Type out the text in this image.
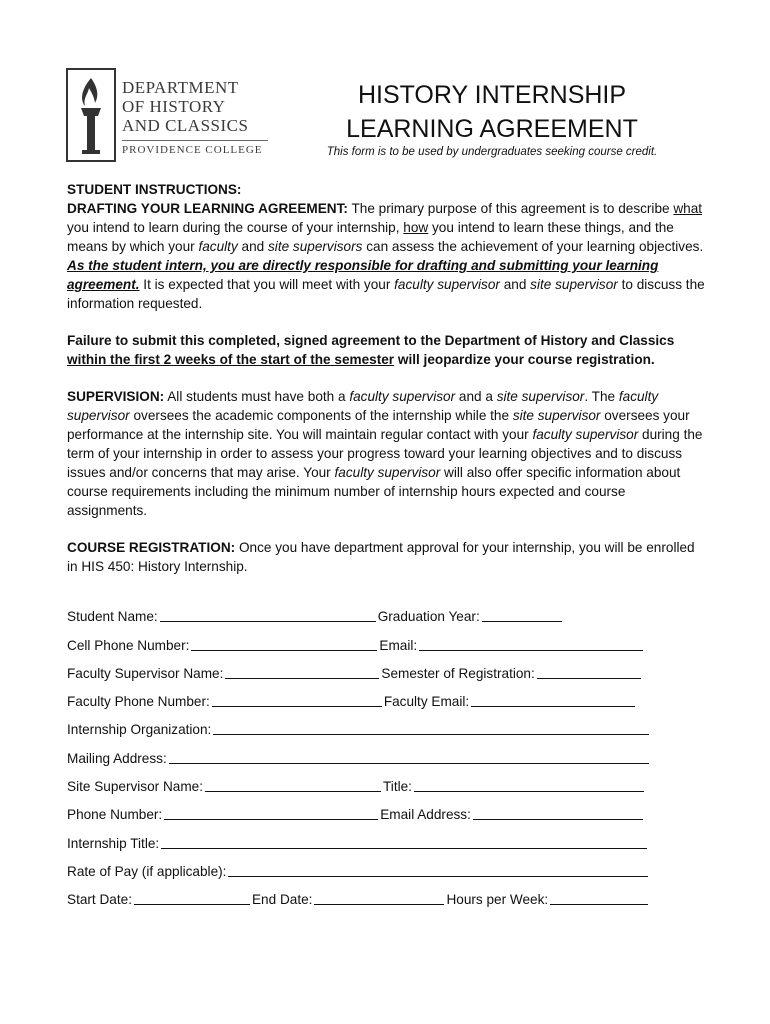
DEPARTMENT
OF HISTORY
AND CLASSICS
PROVIDENCE COLLEGE
HISTORY INTERNSHIP
LEARNING AGREEMENT
This form is to be used by undergraduates seeking course credit.

STUDENT INSTRUCTIONS:
DRAFTING YOUR LEARNING AGREEMENT: The primary purpose of this agreement is to describe what you intend to learn during the course of your internship, how you intend to learn these things, and the means by which your faculty and site supervisors can assess the achievement of your learning objectives. As the student intern, you are directly responsible for drafting and submitting your learning agreement. It is expected that you will meet with your faculty supervisor and site supervisor to discuss the information requested.

Failure to submit this completed, signed agreement to the Department of History and Classics within the first 2 weeks of the start of the semester will jeopardize your course registration.

SUPERVISION: All students must have both a faculty supervisor and a site supervisor. The faculty supervisor oversees the academic components of the internship while the site supervisor oversees your performance at the internship site. You will maintain regular contact with your faculty supervisor during the term of your internship in order to assess your progress toward your learning objectives and to discuss issues and/or concerns that may arise. Your faculty supervisor will also offer specific information about course requirements including the minimum number of internship hours expected and course assignments.

COURSE REGISTRATION: Once you have department approval for your internship, you will be enrolled in HIS 450: History Internship.

Student Name:	Graduation Year:
Cell Phone Number:	Email:
Faculty Supervisor Name:	Semester of Registration:
Faculty Phone Number:	Faculty Email:
Internship Organization:
Mailing Address:
Site Supervisor Name:	Title:
Phone Number:	Email Address:
Internship Title:
Rate of Pay (if applicable):
Start Date:	End Date:	Hours per Week:
